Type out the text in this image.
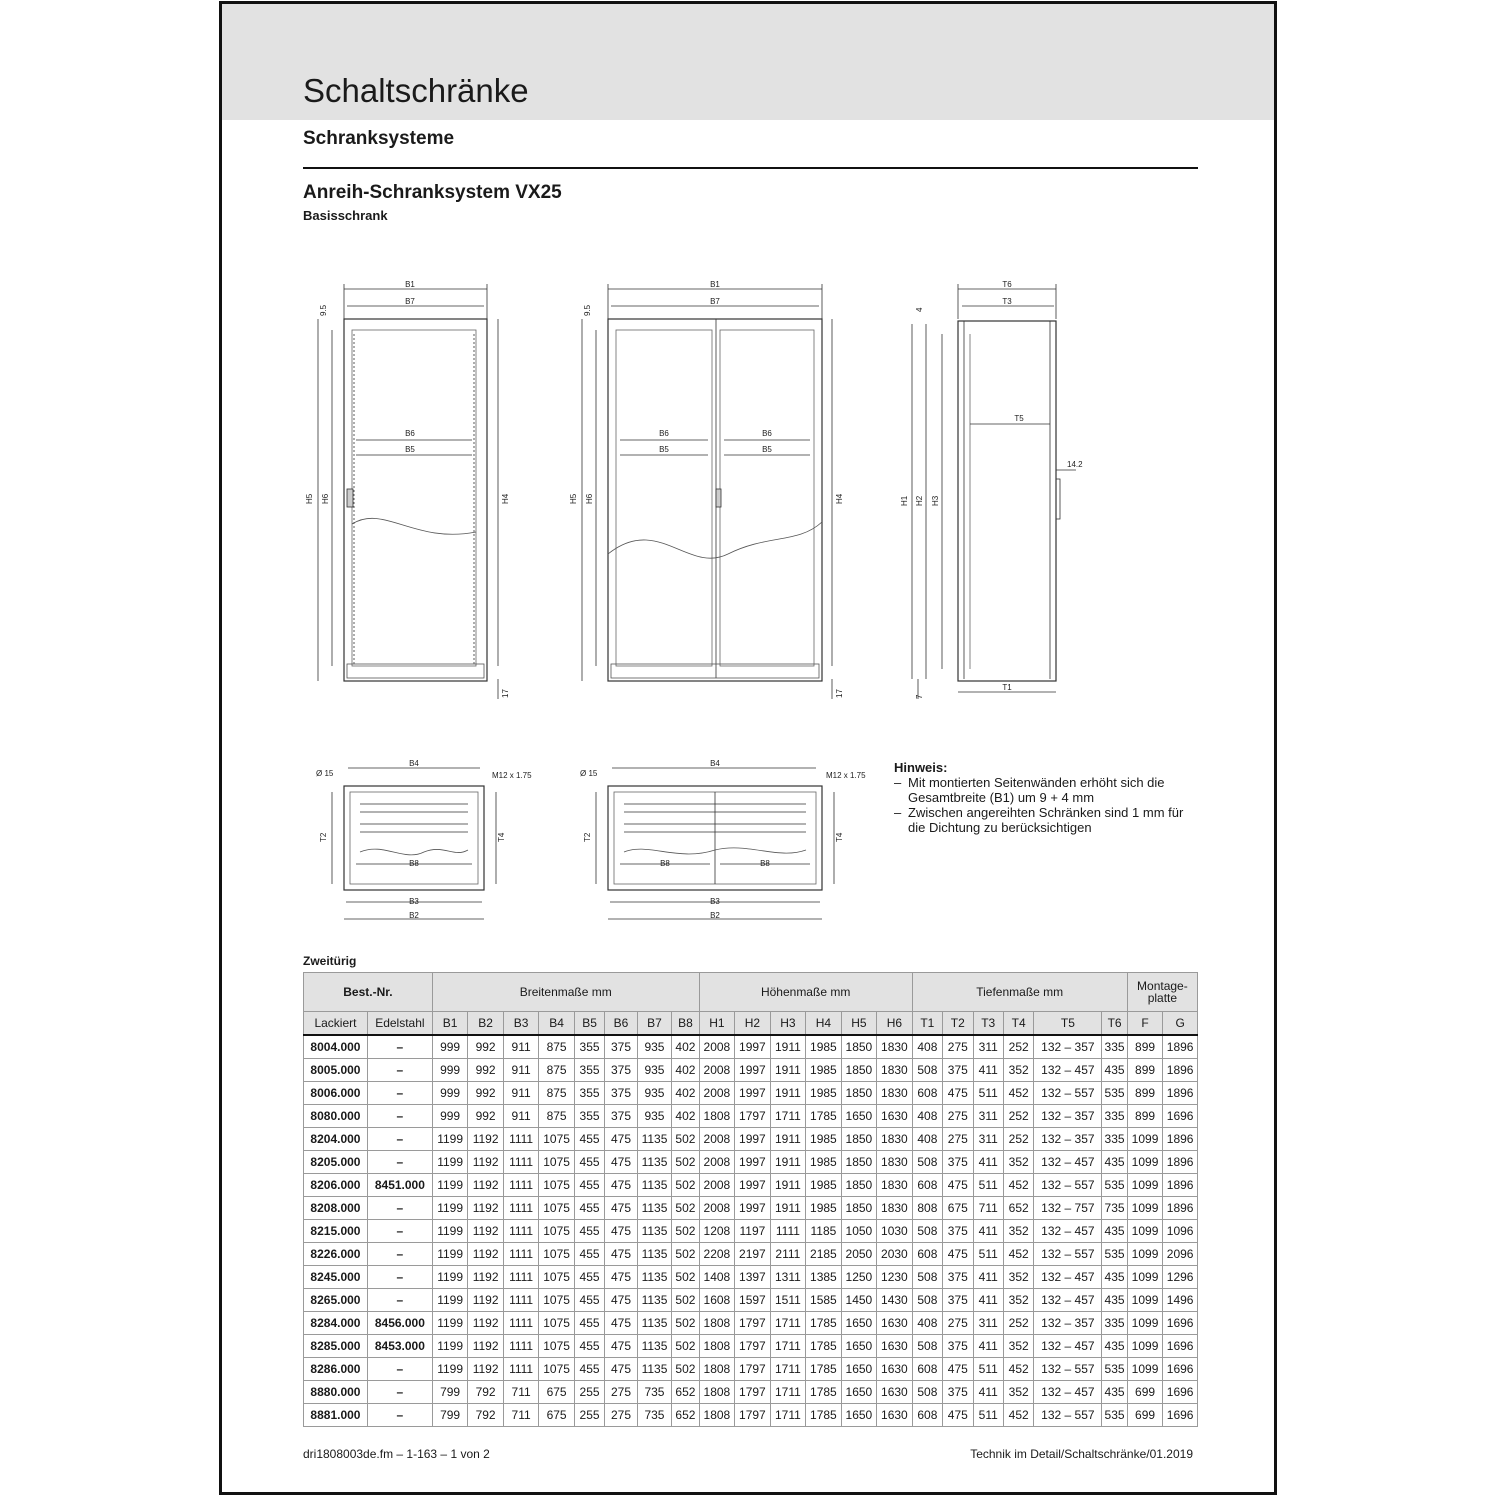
Schaltschränke
Schranksysteme
Anreih-Schranksystem VX25
Basisschrank
B1
B7
B6
B5
H5 H6	H4
9.5
17
B1
B7
B6
B5
B6
B5
H5 H6	H4
9.5
17
T6
T3
T5
T1
14.2
H1 H2 H3
4
7
B4
Ø 15	M12 x 1.75
T2	T4
B8
B3
B2
B4
Ø 15	M12 x 1.75
T2	T4
B8	B8
B3
B2
Hinweis:
– Mit montierten Seitenwänden erhöht sich die Gesamtbreite (B1) um 9 + 4 mm
– Zwischen angereihten Schränken sind 1 mm für die Dichtung zu berücksichtigen
Zweitürig
Best.-Nr.		Breitenmaße mm								Höhenmaße mm						Tiefenmaße mm						Montage-platte	
Lackiert	Edelstahl	B1	B2	B3	B4	B5	B6	B7	B8	H1	H2	H3	H4	H5	H6	T1	T2	T3	T4	T5	T6	F	G
8004.000	–	999	992	911	875	355	375	935	402	2008	1997	1911	1985	1850	1830	408	275	311	252	132 – 357	335	899	1896
8005.000	–	999	992	911	875	355	375	935	402	2008	1997	1911	1985	1850	1830	508	375	411	352	132 – 457	435	899	1896
8006.000	–	999	992	911	875	355	375	935	402	2008	1997	1911	1985	1850	1830	608	475	511	452	132 – 557	535	899	1896
8080.000	–	999	992	911	875	355	375	935	402	1808	1797	1711	1785	1650	1630	408	275	311	252	132 – 357	335	899	1696
8204.000	–	1199	1192	1111	1075	455	475	1135	502	2008	1997	1911	1985	1850	1830	408	275	311	252	132 – 357	335	1099	1896
8205.000	–	1199	1192	1111	1075	455	475	1135	502	2008	1997	1911	1985	1850	1830	508	375	411	352	132 – 457	435	1099	1896
8206.000	8451.000	1199	1192	1111	1075	455	475	1135	502	2008	1997	1911	1985	1850	1830	608	475	511	452	132 – 557	535	1099	1896
8208.000	–	1199	1192	1111	1075	455	475	1135	502	2008	1997	1911	1985	1850	1830	808	675	711	652	132 – 757	735	1099	1896
8215.000	–	1199	1192	1111	1075	455	475	1135	502	1208	1197	1111	1185	1050	1030	508	375	411	352	132 – 457	435	1099	1096
8226.000	–	1199	1192	1111	1075	455	475	1135	502	2208	2197	2111	2185	2050	2030	608	475	511	452	132 – 557	535	1099	2096
8245.000	–	1199	1192	1111	1075	455	475	1135	502	1408	1397	1311	1385	1250	1230	508	375	411	352	132 – 457	435	1099	1296
8265.000	–	1199	1192	1111	1075	455	475	1135	502	1608	1597	1511	1585	1450	1430	508	375	411	352	132 – 457	435	1099	1496
8284.000	8456.000	1199	1192	1111	1075	455	475	1135	502	1808	1797	1711	1785	1650	1630	408	275	311	252	132 – 357	335	1099	1696
8285.000	8453.000	1199	1192	1111	1075	455	475	1135	502	1808	1797	1711	1785	1650	1630	508	375	411	352	132 – 457	435	1099	1696
8286.000	–	1199	1192	1111	1075	455	475	1135	502	1808	1797	1711	1785	1650	1630	608	475	511	452	132 – 557	535	1099	1696
8880.000	–	799	792	711	675	255	275	735	652	1808	1797	1711	1785	1650	1630	508	375	411	352	132 – 457	435	699	1696
8881.000	–	799	792	711	675	255	275	735	652	1808	1797	1711	1785	1650	1630	608	475	511	452	132 – 557	535	699	1696
dri1808003de.fm – 1-163 – 1 von 2	Technik im Detail/Schaltschränke/01.2019
